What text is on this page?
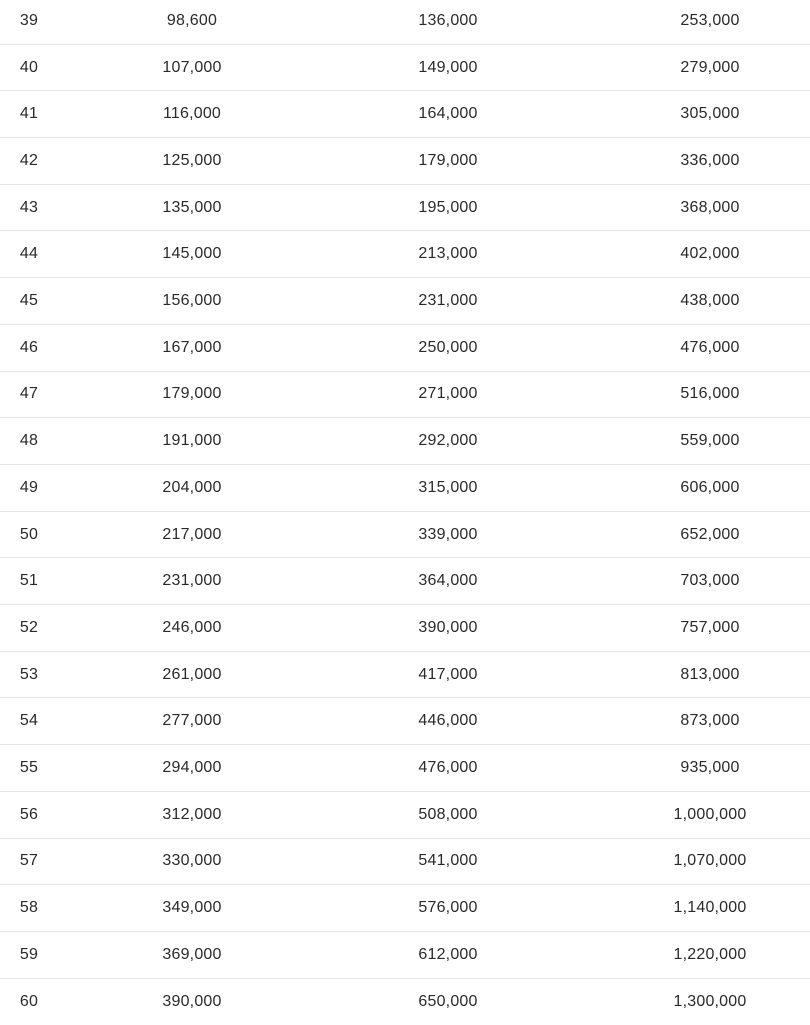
39	98,600	136,000	253,000
40	107,000	149,000	279,000
41	116,000	164,000	305,000
42	125,000	179,000	336,000
43	135,000	195,000	368,000
44	145,000	213,000	402,000
45	156,000	231,000	438,000
46	167,000	250,000	476,000
47	179,000	271,000	516,000
48	191,000	292,000	559,000
49	204,000	315,000	606,000
50	217,000	339,000	652,000
51	231,000	364,000	703,000
52	246,000	390,000	757,000
53	261,000	417,000	813,000
54	277,000	446,000	873,000
55	294,000	476,000	935,000
56	312,000	508,000	1,000,000
57	330,000	541,000	1,070,000
58	349,000	576,000	1,140,000
59	369,000	612,000	1,220,000
60	390,000	650,000	1,300,000
